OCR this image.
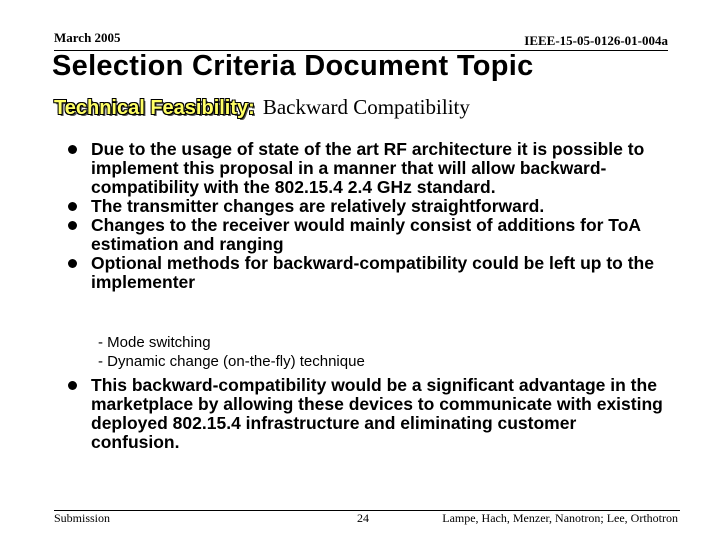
March 2005	IEEE-15-05-0126-01-004a
Selection Criteria Document Topic
Technical Feasibility: Backward Compatibility
Due to the usage of state of the art RF architecture it is possible to implement this proposal in a manner that will allow backward-compatibility with the 802.15.4 2.4 GHz standard.
The transmitter changes are relatively straightforward.
Changes to the receiver would mainly consist of additions for ToA estimation and ranging
Optional methods for backward-compatibility could be left up to the implementer
- Mode switching
- Dynamic change (on-the-fly) technique
This backward-compatibility would be a significant advantage in the marketplace by allowing these devices to communicate with existing deployed 802.15.4 infrastructure and eliminating customer confusion.
Submission	24	Lampe, Hach, Menzer, Nanotron; Lee, Orthotron
